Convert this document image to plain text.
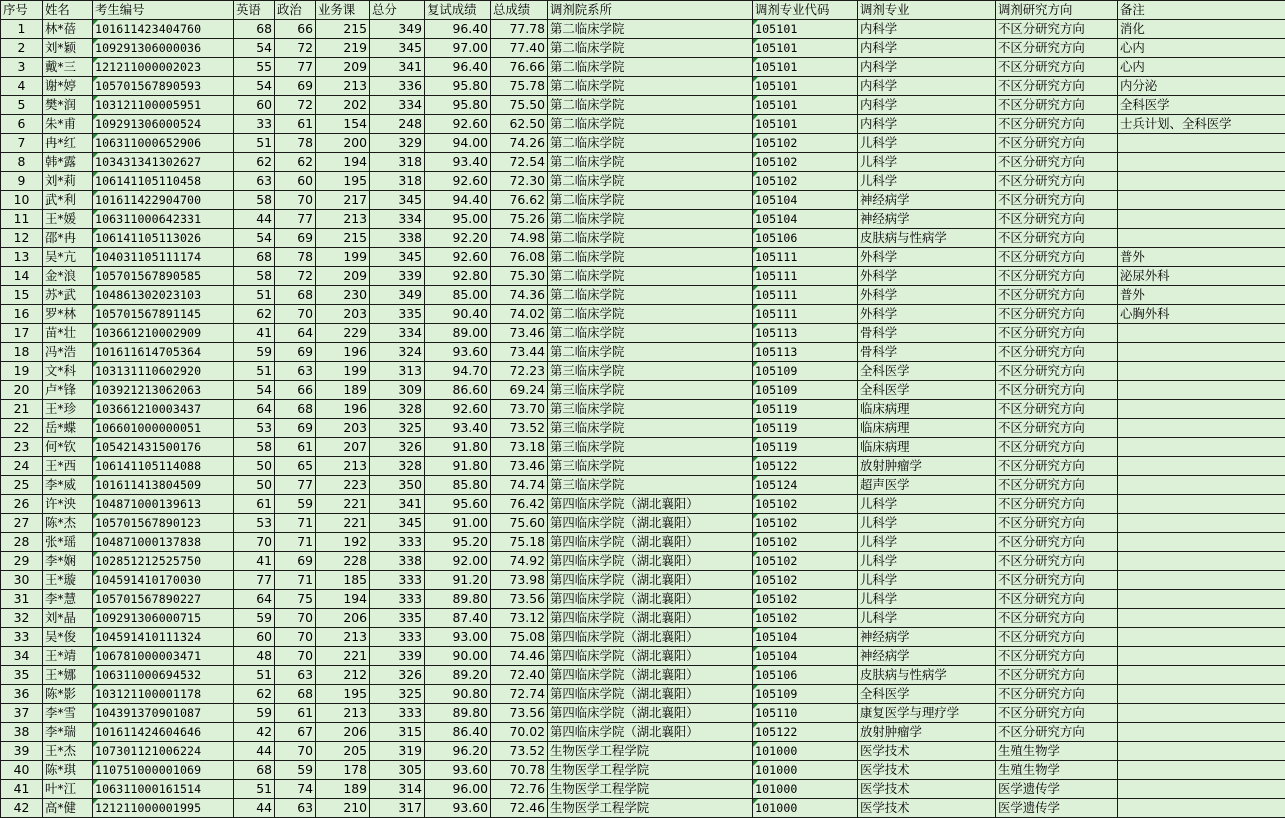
序号	姓名	考生编号	英语	政治	业务课	总分	复试成绩	总成绩	调剂院系所	调剂专业代码	调剂专业	调剂研究方向	备注
1	林*蓓	101611423404760	68	66	215	349	96.40	77.78	第二临床学院	105101	内科学	不区分研究方向	消化
2	刘*颖	109291306000036	54	72	219	345	97.00	77.40	第二临床学院	105101	内科学	不区分研究方向	心内
3	戴*三	121211000002023	55	77	209	341	96.40	76.66	第二临床学院	105101	内科学	不区分研究方向	心内
4	谢*婷	105701567890593	54	69	213	336	95.80	75.78	第二临床学院	105101	内科学	不区分研究方向	内分泌
5	樊*润	103121100005951	60	72	202	334	95.80	75.50	第二临床学院	105101	内科学	不区分研究方向	全科医学
6	朱*甫	109291306000524	33	61	154	248	92.60	62.50	第二临床学院	105101	内科学	不区分研究方向	士兵计划、全科医学
7	冉*红	106311000652906	51	78	200	329	94.00	74.26	第二临床学院	105102	儿科学	不区分研究方向	
8	韩*露	103431341302627	62	62	194	318	93.40	72.54	第二临床学院	105102	儿科学	不区分研究方向	
9	刘*莉	106141105110458	63	60	195	318	92.60	72.30	第二临床学院	105102	儿科学	不区分研究方向	
10	武*利	101611422904700	58	70	217	345	94.40	76.62	第二临床学院	105104	神经病学	不区分研究方向	
11	王*媛	106311000642331	44	77	213	334	95.00	75.26	第二临床学院	105104	神经病学	不区分研究方向	
12	邵*冉	106141105113026	54	69	215	338	92.20	74.98	第二临床学院	105106	皮肤病与性病学	不区分研究方向	
13	吴*亢	104031105111174	68	78	199	345	92.60	76.08	第二临床学院	105111	外科学	不区分研究方向	普外
14	金*浪	105701567890585	58	72	209	339	92.80	75.30	第二临床学院	105111	外科学	不区分研究方向	泌尿外科
15	苏*武	104861302023103	51	68	230	349	85.00	74.36	第二临床学院	105111	外科学	不区分研究方向	普外
16	罗*林	105701567891145	62	70	203	335	90.40	74.02	第二临床学院	105111	外科学	不区分研究方向	心胸外科
17	苗*壮	103661210002909	41	64	229	334	89.00	73.46	第二临床学院	105113	骨科学	不区分研究方向	
18	冯*浩	101611614705364	59	69	196	324	93.60	73.44	第二临床学院	105113	骨科学	不区分研究方向	
19	文*科	103131110602920	51	63	199	313	94.70	72.23	第三临床学院	105109	全科医学	不区分研究方向	
20	卢*锋	103921213062063	54	66	189	309	86.60	69.24	第三临床学院	105109	全科医学	不区分研究方向	
21	王*珍	103661210003437	64	68	196	328	92.60	73.70	第三临床学院	105119	临床病理	不区分研究方向	
22	岳*蝶	106601000000051	53	69	203	325	93.40	73.52	第三临床学院	105119	临床病理	不区分研究方向	
23	何*钦	105421431500176	58	61	207	326	91.80	73.18	第三临床学院	105119	临床病理	不区分研究方向	
24	王*西	106141105114088	50	65	213	328	91.80	73.46	第三临床学院	105122	放射肿瘤学	不区分研究方向	
25	李*威	101611413804509	50	77	223	350	85.80	74.74	第三临床学院	105124	超声医学	不区分研究方向	
26	许*泱	104871000139613	61	59	221	341	95.60	76.42	第四临床学院（湖北襄阳）	105102	儿科学	不区分研究方向	
27	陈*杰	105701567890123	53	71	221	345	91.00	75.60	第四临床学院（湖北襄阳）	105102	儿科学	不区分研究方向	
28	张*瑶	104871000137838	70	71	192	333	95.20	75.18	第四临床学院（湖北襄阳）	105102	儿科学	不区分研究方向	
29	李*娴	102851212525750	41	69	228	338	92.00	74.92	第四临床学院（湖北襄阳）	105102	儿科学	不区分研究方向	
30	王*璇	104591410170030	77	71	185	333	91.20	73.98	第四临床学院（湖北襄阳）	105102	儿科学	不区分研究方向	
31	李*慧	105701567890227	64	75	194	333	89.80	73.56	第四临床学院（湖北襄阳）	105102	儿科学	不区分研究方向	
32	刘*晶	109291306000715	59	70	206	335	87.40	73.12	第四临床学院（湖北襄阳）	105102	儿科学	不区分研究方向	
33	吴*俊	104591410111324	60	70	213	333	93.00	75.08	第四临床学院（湖北襄阳）	105104	神经病学	不区分研究方向	
34	王*靖	106781000003471	48	70	221	339	90.00	74.46	第四临床学院（湖北襄阳）	105104	神经病学	不区分研究方向	
35	王*娜	106311000694532	51	63	212	326	89.20	72.40	第四临床学院（湖北襄阳）	105106	皮肤病与性病学	不区分研究方向	
36	陈*影	103121100001178	62	68	195	325	90.80	72.74	第四临床学院（湖北襄阳）	105109	全科医学	不区分研究方向	
37	李*雪	104391370901087	59	61	213	333	89.80	73.56	第四临床学院（湖北襄阳）	105110	康复医学与理疗学	不区分研究方向	
38	李*瑞	101611424604646	42	67	206	315	86.40	70.02	第四临床学院（湖北襄阳）	105122	放射肿瘤学	不区分研究方向	
39	王*杰	107301121006224	44	70	205	319	96.20	73.52	生物医学工程学院	101000	医学技术	生殖生物学	
40	陈*琪	110751000001069	68	59	178	305	93.60	70.78	生物医学工程学院	101000	医学技术	生殖生物学	
41	叶*江	106311000161514	51	74	189	314	96.00	72.76	生物医学工程学院	101000	医学技术	医学遗传学	
42	高*健	121211000001995	44	63	210	317	93.60	72.46	生物医学工程学院	101000	医学技术	医学遗传学	
